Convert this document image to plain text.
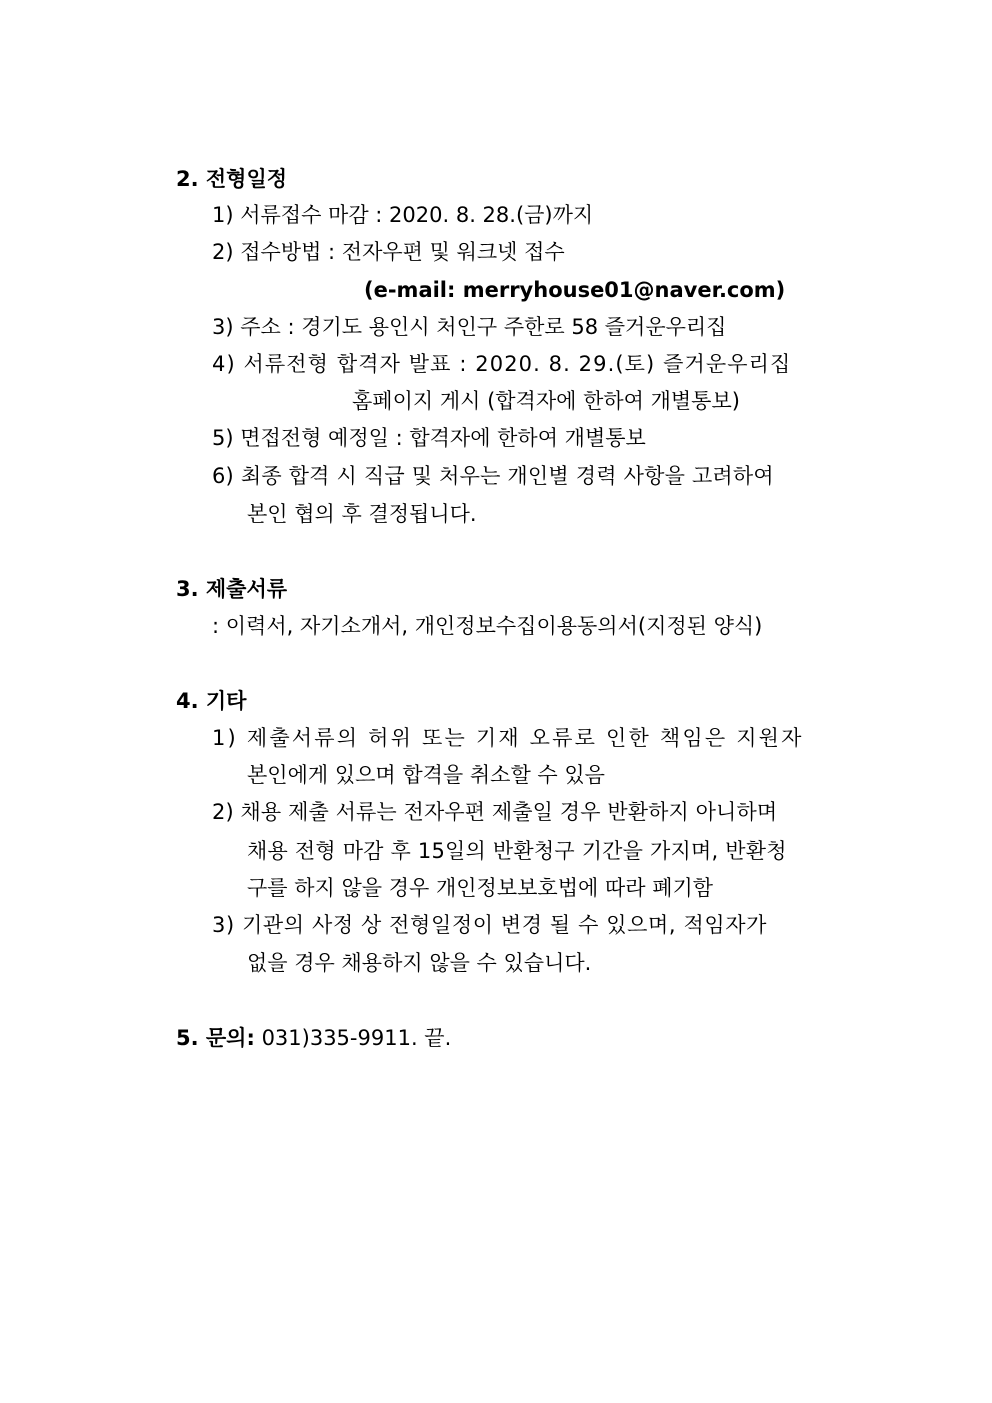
2. 전형일정
1) 서류접수 마감 : 2020. 8. 28.(금)까지
2) 접수방법 : 전자우편 및 워크넷 접수
(e-mail: merryhouse01@naver.com)
3) 주소 : 경기도 용인시 처인구 주한로 58 즐거운우리집
4) 서류전형 합격자 발표 : 2020. 8. 29.(토) 즐거운우리집
홈페이지 게시 (합격자에 한하여 개별통보)
5) 면접전형 예정일 : 합격자에 한하여 개별통보
6) 최종 합격 시 직급 및 처우는 개인별 경력 사항을 고려하여
본인 협의 후 결정됩니다.
3. 제출서류
: 이력서, 자기소개서, 개인정보수집이용동의서(지정된 양식)
4. 기타
1) 제출서류의 허위 또는 기재 오류로 인한 책임은 지원자
본인에게 있으며 합격을 취소할 수 있음
2) 채용 제출 서류는 전자우편 제출일 경우 반환하지 아니하며
채용 전형 마감 후 15일의 반환청구 기간을 가지며, 반환청
구를 하지 않을 경우 개인정보보호법에 따라 폐기함
3) 기관의 사정 상 전형일정이 변경 될 수 있으며, 적임자가
없을 경우 채용하지 않을 수 있습니다.
5. 문의: 031)335-9911. 끝.
